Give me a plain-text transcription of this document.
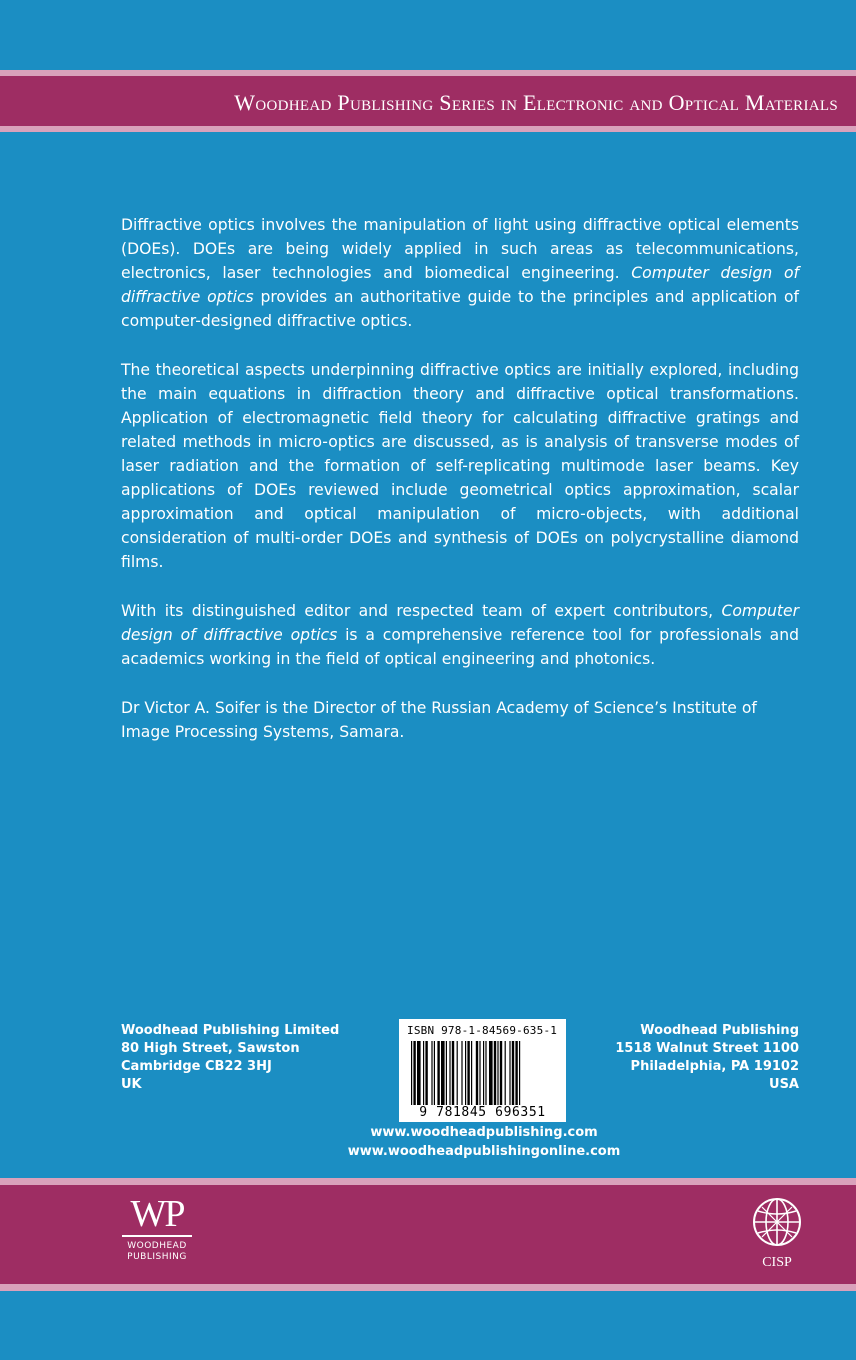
Woodhead Publishing Series in Electronic and Optical Materials

Diffractive optics involves the manipulation of light using diffractive optical elements (DOEs). DOEs are being widely applied in such areas as telecommunications, electronics, laser technologies and biomedical engineering. Computer design of diffractive optics provides an authoritative guide to the principles and application of computer-designed diffractive optics.

The theoretical aspects underpinning diffractive optics are initially explored, including the main equations in diffraction theory and diffractive optical transformations. Application of electromagnetic field theory for calculating diffractive gratings and related methods in micro-optics are discussed, as is analysis of transverse modes of laser radiation and the formation of self-replicating multimode laser beams. Key applications of DOEs reviewed include geometrical optics approximation, scalar approximation and optical manipulation of micro-objects, with additional consideration of multi-order DOEs and synthesis of DOEs on polycrystalline diamond films.

With its distinguished editor and respected team of expert contributors, Computer design of diffractive optics is a comprehensive reference tool for professionals and academics working in the field of optical engineering and photonics.

Dr Victor A. Soifer is the Director of the Russian Academy of Science’s Institute of Image Processing Systems, Samara.

Woodhead Publishing Limited
80 High Street, Sawston
Cambridge CB22 3HJ
UK
ISBN 978-1-84569-635-1
9 781845 696351
Woodhead Publishing
1518 Walnut Street 1100
Philadelphia, PA 19102
USA
www.woodheadpublishing.com
www.woodheadpublishingonline.com
WP
WOODHEAD
PUBLISHING	CISP
